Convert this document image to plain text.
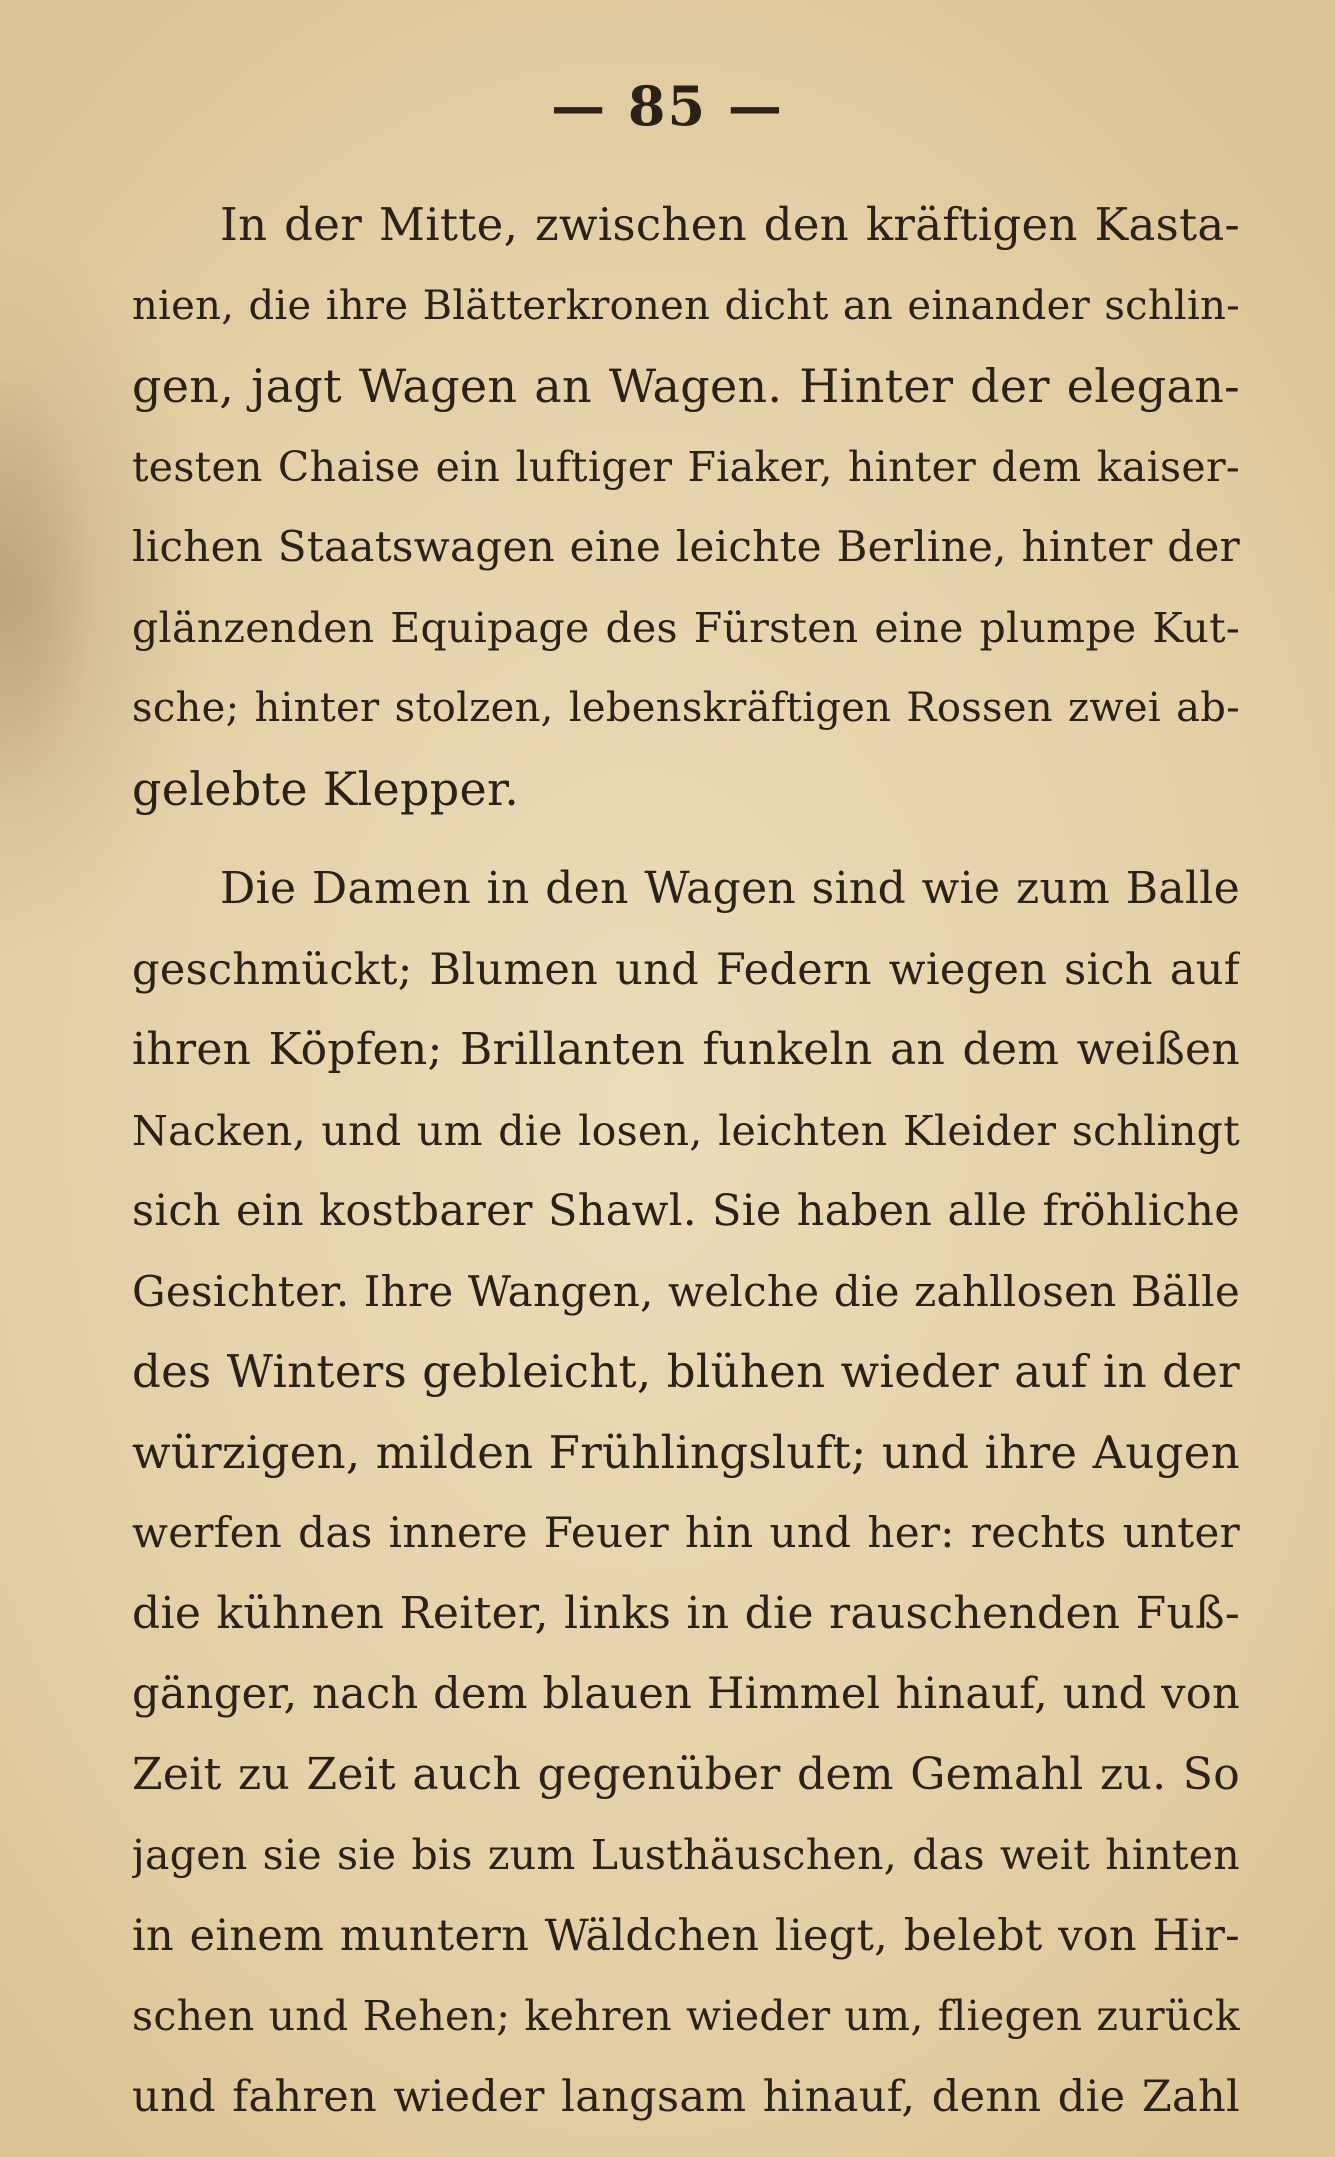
— 85 —
In der Mitte, zwischen den kräftigen Kasta-
nien, die ihre Blätterkronen dicht an einander schlin-
gen, jagt Wagen an Wagen. Hinter der elegan-
testen Chaise ein luftiger Fiaker, hinter dem kaiser-
lichen Staatswagen eine leichte Berline, hinter der
glänzenden Equipage des Fürsten eine plumpe Kut-
sche; hinter stolzen, lebenskräftigen Rossen zwei ab-
gelebte Klepper.
Die Damen in den Wagen sind wie zum Balle
geschmückt; Blumen und Federn wiegen sich auf
ihren Köpfen; Brillanten funkeln an dem weißen
Nacken, und um die losen, leichten Kleider schlingt
sich ein kostbarer Shawl. Sie haben alle fröhliche
Gesichter. Ihre Wangen, welche die zahllosen Bälle
des Winters gebleicht, blühen wieder auf in der
würzigen, milden Frühlingsluft; und ihre Augen
werfen das innere Feuer hin und her: rechts unter
die kühnen Reiter, links in die rauschenden Fuß-
gänger, nach dem blauen Himmel hinauf, und von
Zeit zu Zeit auch gegenüber dem Gemahl zu. So
jagen sie sie bis zum Lusthäuschen, das weit hinten
in einem muntern Wäldchen liegt, belebt von Hir-
schen und Rehen; kehren wieder um, fliegen zurück
und fahren wieder langsam hinauf, denn die Zahl
